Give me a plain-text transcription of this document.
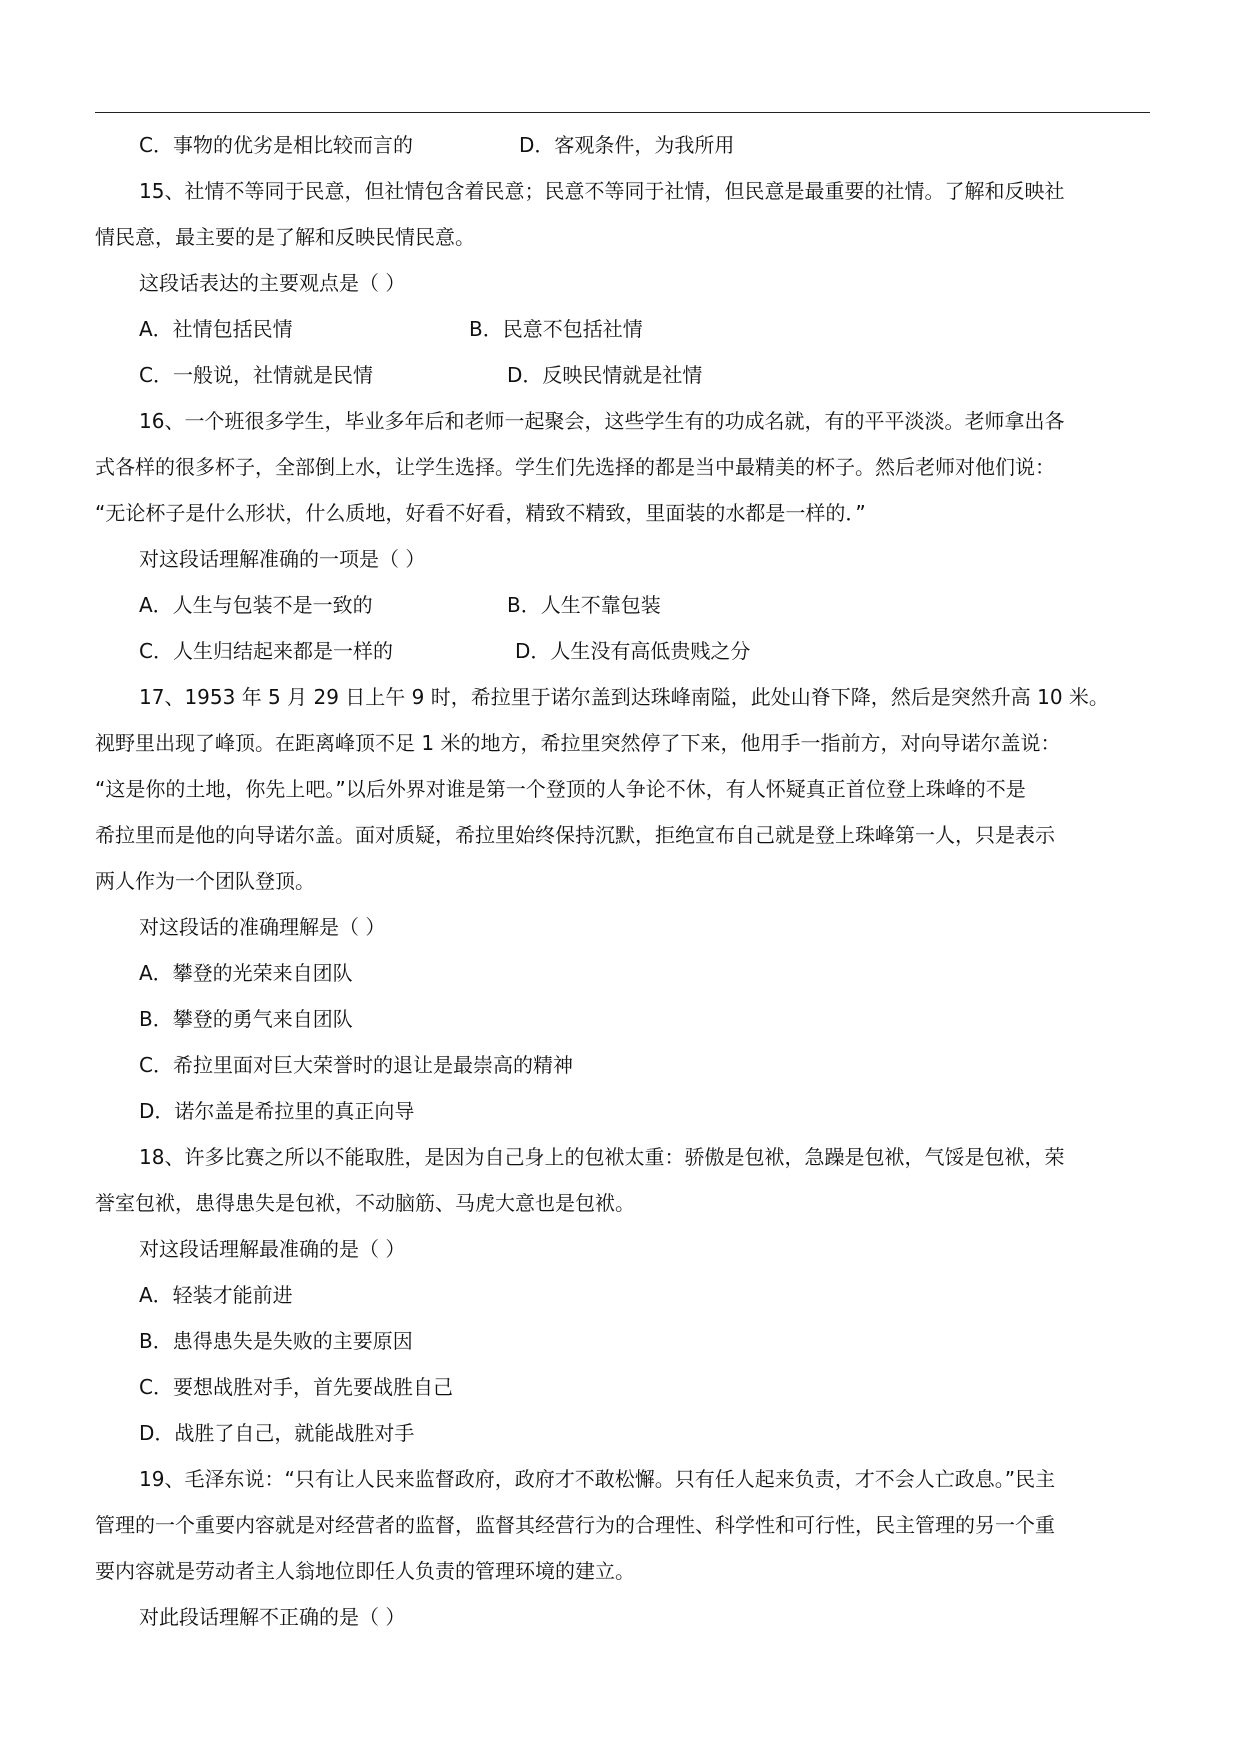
C．事物的优劣是相比较而言的	D．客观条件，为我所用
15、社情不等同于民意，但社情包含着民意；民意不等同于社情，但民意是最重要的社情。了解和反映社
情民意，最主要的是了解和反映民情民意。
这段话表达的主要观点是（ ）
A．社情包括民情	B．民意不包括社情
C．一般说，社情就是民情	D．反映民情就是社情
16、一个班很多学生，毕业多年后和老师一起聚会，这些学生有的功成名就，有的平平淡淡。老师拿出各
式各样的很多杯子，全部倒上水，让学生选择。学生们先选择的都是当中最精美的杯子。然后老师对他们说：
“无论杯子是什么形状，什么质地，好看不好看，精致不精致，里面装的水都是一样的．”
对这段话理解准确的一项是（ ）
A．人生与包装不是一致的	B．人生不靠包装
C．人生归结起来都是一样的	D．人生没有高低贵贱之分
17、1953 年 5 月 29 日上午 9 时，希拉里于诺尔盖到达珠峰南隘，此处山脊下降，然后是突然升高 10 米。
视野里出现了峰顶。在距离峰顶不足 1 米的地方，希拉里突然停了下来，他用手一指前方，对向导诺尔盖说：
“这是你的土地，你先上吧。”以后外界对谁是第一个登顶的人争论不休，有人怀疑真正首位登上珠峰的不是
希拉里而是他的向导诺尔盖。面对质疑，希拉里始终保持沉默，拒绝宣布自己就是登上珠峰第一人，只是表示
两人作为一个团队登顶。
对这段话的准确理解是（ ）
A．攀登的光荣来自团队
B．攀登的勇气来自团队
C．希拉里面对巨大荣誉时的退让是最崇高的精神
D．诺尔盖是希拉里的真正向导
18、许多比赛之所以不能取胜，是因为自己身上的包袱太重：骄傲是包袱，急躁是包袱，气馁是包袱，荣
誉室包袱，患得患失是包袱，不动脑筋、马虎大意也是包袱。
对这段话理解最准确的是（ ）
A．轻装才能前进
B．患得患失是失败的主要原因
C．要想战胜对手，首先要战胜自己
D．战胜了自己，就能战胜对手
19、毛泽东说：“只有让人民来监督政府，政府才不敢松懈。只有任人起来负责，才不会人亡政息。”民主
管理的一个重要内容就是对经营者的监督，监督其经营行为的合理性、科学性和可行性，民主管理的另一个重
要内容就是劳动者主人翁地位即任人负责的管理环境的建立。
对此段话理解不正确的是（ ）
